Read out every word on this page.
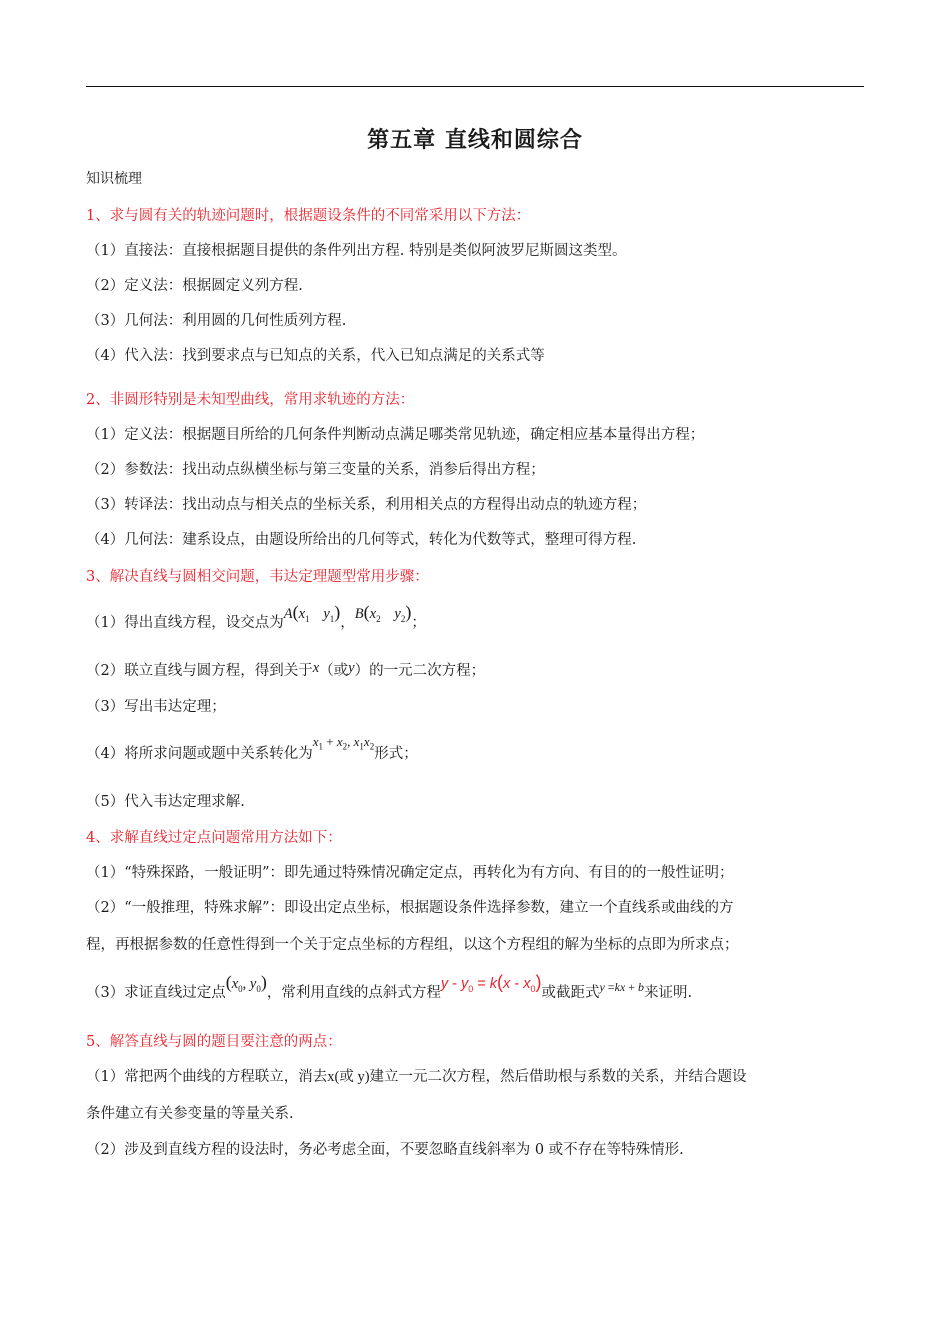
第五章 直线和圆综合
知识梳理
1、求与圆有关的轨迹问题时，根据题设条件的不同常采用以下方法：
（1）直接法：直接根据题目提供的条件列出方程. 特别是类似阿波罗尼斯圆这类型。
（2）定义法：根据圆定义列方程.
（3）几何法：利用圆的几何性质列方程.
（4）代入法：找到要求点与已知点的关系，代入已知点满足的关系式等
2、非圆形特别是未知型曲线，常用求轨迹的方法：
（1）定义法：根据题目所给的几何条件判断动点满足哪类常见轨迹，确定相应基本量得出方程；
（2）参数法：找出动点纵横坐标与第三变量的关系，消参后得出方程；
（3）转译法：找出动点与相关点的坐标关系，利用相关点的方程得出动点的轨迹方程；
（4）几何法：建系设点，由题设所给出的几何等式，转化为代数等式，整理可得方程.
3、解决直线与圆相交问题，韦达定理题型常用步骤：
（1）得出直线方程，设交点为$A(x_1$ $y_1$)，$B(x_2$ $y_2$)；
（2）联立直线与圆方程，得到关于x（或y）的一元二次方程；
（3）写出韦达定理；
（4）将所求问题或题中关系转化为$x_1 + x_2$, $x_1x_2$形式；
（5）代入韦达定理求解.
4、求解直线过定点问题常用方法如下：
（1）“特殊探路，一般证明”：即先通过特殊情况确定定点，再转化为有方向、有目的的一般性证明；
（2）“一般推理，特殊求解”：即设出定点坐标，根据题设条件选择参数，建立一个直线系或曲线的方
程，再根据参数的任意性得到一个关于定点坐标的方程组，以这个方程组的解为坐标的点即为所求点；
（3）求证直线过定点($x_0$, $y_0$)，常利用直线的点斜式方程$y - y_0 = k(x - x_0)$或截距式$^{y =kx + b}$来证明.
5、解答直线与圆的题目要注意的两点：
（1）常把两个曲线的方程联立，消去x(或 y)建立一元二次方程，然后借助根与系数的关系，并结合题设
条件建立有关参变量的等量关系.
（2）涉及到直线方程的设法时，务必考虑全面，不要忽略直线斜率为 0 或不存在等特殊情形.
